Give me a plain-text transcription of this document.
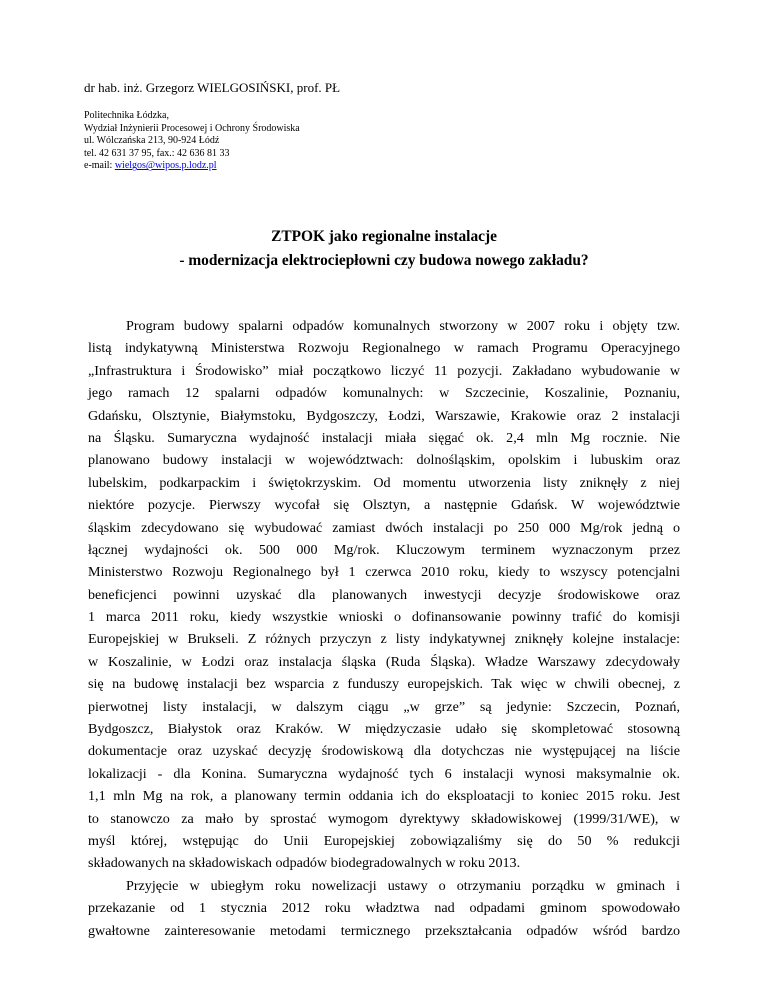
dr hab. inż. Grzegorz WIELGOSIŃSKI, prof. PŁ
Politechnika Łódzka,
Wydział Inżynierii Procesowej i Ochrony Środowiska
ul. Wólczańska 213, 90-924 Łódź
tel. 42 631 37 95, fax.: 42 636 81 33
e-mail: wielgos@wipos.p.lodz.pl
ZTPOK jako regionalne instalacje
- modernizacja elektrociepłowni czy budowa nowego zakładu?
Program budowy spalarni odpadów komunalnych stworzony w 2007 roku i objęty tzw.
listą indykatywną Ministerstwa Rozwoju Regionalnego w ramach Programu Operacyjnego
„Infrastruktura i Środowisko” miał początkowo liczyć 11 pozycji. Zakładano wybudowanie w
jego ramach 12 spalarni odpadów komunalnych: w Szczecinie, Koszalinie, Poznaniu,
Gdańsku, Olsztynie, Białymstoku, Bydgoszczy, Łodzi, Warszawie, Krakowie oraz 2 instalacji
na Śląsku. Sumaryczna wydajność instalacji miała sięgać ok. 2,4 mln Mg rocznie. Nie
planowano budowy instalacji w województwach: dolnośląskim, opolskim i lubuskim oraz
lubelskim, podkarpackim i świętokrzyskim. Od momentu utworzenia listy zniknęły z niej
niektóre pozycje. Pierwszy wycofał się Olsztyn, a następnie Gdańsk. W województwie
śląskim zdecydowano się wybudować zamiast dwóch instalacji po 250 000 Mg/rok jedną o
łącznej wydajności ok. 500 000 Mg/rok. Kluczowym terminem wyznaczonym przez
Ministerstwo Rozwoju Regionalnego był 1 czerwca 2010 roku, kiedy to wszyscy potencjalni
beneficjenci powinni uzyskać dla planowanych inwestycji decyzje środowiskowe oraz
1 marca 2011 roku, kiedy wszystkie wnioski o dofinansowanie powinny trafić do komisji
Europejskiej w Brukseli. Z różnych przyczyn z listy indykatywnej zniknęły kolejne instalacje:
w Koszalinie, w Łodzi oraz instalacja śląska (Ruda Śląska). Władze Warszawy zdecydowały
się na budowę instalacji bez wsparcia z funduszy europejskich. Tak więc w chwili obecnej, z
pierwotnej listy instalacji, w dalszym ciągu „w grze” są jedynie: Szczecin, Poznań,
Bydgoszcz, Białystok oraz Kraków. W międzyczasie udało się skompletować stosowną
dokumentacje oraz uzyskać decyzję środowiskową dla dotychczas nie występującej na liście
lokalizacji - dla Konina. Sumaryczna wydajność tych 6 instalacji wynosi maksymalnie ok.
1,1 mln Mg na rok, a planowany termin oddania ich do eksploatacji to koniec 2015 roku. Jest
to stanowczo za mało by sprostać wymogom dyrektywy składowiskowej (1999/31/WE), w
myśl której, wstępując do Unii Europejskiej zobowiązaliśmy się do 50 % redukcji
składowanych na składowiskach odpadów biodegradowalnych w roku 2013.
Przyjęcie w ubiegłym roku nowelizacji ustawy o otrzymaniu porządku w gminach i
przekazanie od 1 stycznia 2012 roku władztwa nad odpadami gminom spowodowało
gwałtowne zainteresowanie metodami termicznego przekształcania odpadów wśród bardzo
